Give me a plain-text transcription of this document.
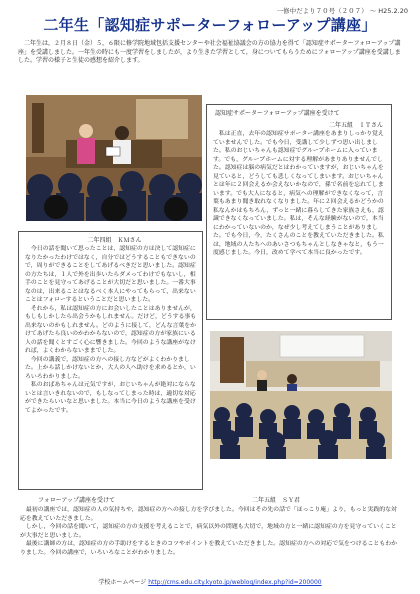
一修中だより７０号（２０７） ～ H25.2.20
二年生「認知症サポーターフォローアップ講座」
　二年生は，２月８日（金）５，６限に修学院地域包括支援センターや社会福祉協議会の方の協力を得て「認知症サポーターフォローアップ講座」を受講しました。一年生の時にも一度学習をしましたが，より生きた学習として，身についてもらうためにフォローアップ講座を受講しました。学習の様子と生徒の感想を紹介します。
認知症サポーターフォローアップ講座を受けて
二年五組　ＩＴさん
　私は正直，去年の認知症サポーター講座をあまりしっかり覚えていませんでした。でも今日，受講して少しずつ思い出しました。私のおじいちゃんも認知症でグループホームに入っています。でも，グループホームに対する理解があまりありませんでした。認知症は脳の病気だとはわかっていますが，おじいちゃんを見ていると，どうしても悲しくなってしまいます。おじいちゃんとは年に２回会えるか会えないかなので，孫で名前を忘れてしまいます。でも大人になると，病気への理解ができなくなって，言葉もあまり聞き取れなくなりました。年に２回会えるかどうかの私なんかはもちろん，ずっと一緒に暮らしてきた家族さえも，認識できなくなっていました。私は，そんな経験がないので，本当にわかっていないのか，なぜ少し考えてしまうことがありました。でも今日，今，たくさんのことを教えていただきました。私は，地域の人たちへのあいさつもちゃんとしなきゃなと，もう一度感じました。今日，改めて学べて本当に良かったです。
二年四組　ＫＭさん
　今日の話を聞いて思ったことは，認知症の方は決して認知症になりたかったわけではなく，自分ではどうすることもできないので，周りができることをしてあげるべきだと思いました。認知症の方たちは，１人で外を出歩いたらダメってわけでもないし，相手のことを見守ってあげることが大切だと思いました。一番大事なのは，出来ることはなるべく本人にやってもらって，出来ないことはフォローするということだと思いました。
　それから，私は認知症の方にお会いしたことはありませんが，もしもしかしたら出会うかもしれません。だけど，どうする事も出来ないのかもしれません。どのように接して，どんな言葉をかけてあげたら良いのかわからないので，認知症の方が家族にいる人の話を聞くとすごく心に響きました。今回のような講座がなければ，よくわからないままでした。
　今回の講義で，認知症の方への接し方などがよくわかりました。上から話しかけないとか，大人の人へ助けを求めるとか，いろいろわかりました。
　私のおばあちゃんは元気ですが，おじいちゃんが絶対にならないとは言いきれないので，もしなってしまった時は，適切な対応ができたらいいなと思いました。本当に今日のような講座を受けてよかったです。
フォローアップ講座を受けて	二年五組　ＳＹ君
　最初の講座では，認知症の人の気持ちや，認知症の方への接し方を学びました。今回はその先の話で「ほっこり庵」より，もっと実践的な対応を教えていただきました。
　しかし，今回の話を聞いて，認知症の方の支援を考えることで，病気以外の問題も大切で，地域の方と一緒に認知症の方を見守っていくことが大事だと思いました。
　最後に講師の方は，認知症の方の手助けをするときのコツやポイントを教えていただきました。認知症の方への対応で気をつけることもわかりました。今回の講座で，いろいろなことがわかりました。
学校ホームページ http://cms.edu.city.kyoto.jp/weblog/index.php?id=200000
